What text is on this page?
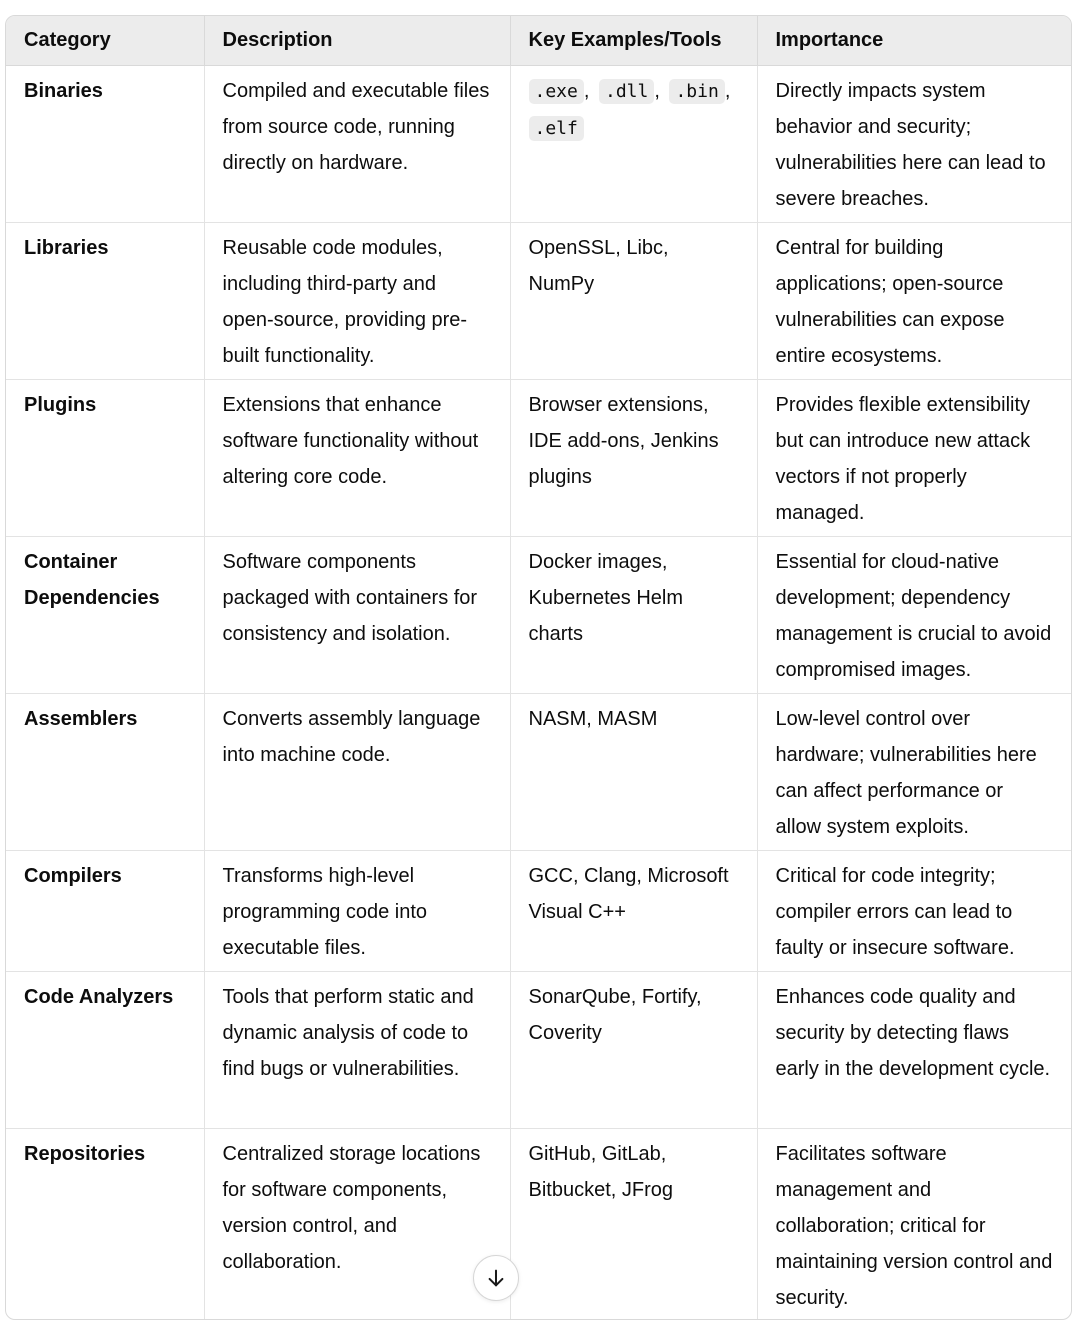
Category	Description	Key Examples/Tools	Importance
Binaries	Compiled and executable files from source code, running directly on hardware.	.exe , .dll , .bin , .elf	Directly impacts system behavior and security; vulnerabilities here can lead to severe breaches.
Libraries	Reusable code modules, including third-party and open-source, providing pre-built functionality.	OpenSSL, Libc, NumPy	Central for building applications; open-source vulnerabilities can expose entire ecosystems.
Plugins	Extensions that enhance software functionality without altering core code.	Browser extensions, IDE add-ons, Jenkins plugins	Provides flexible extensibility but can introduce new attack vectors if not properly managed.
Container Dependencies	Software components packaged with containers for consistency and isolation.	Docker images, Kubernetes Helm charts	Essential for cloud-native development; dependency management is crucial to avoid compromised images.
Assemblers	Converts assembly language into machine code.	NASM, MASM	Low-level control over hardware; vulnerabilities here can affect performance or allow system exploits.
Compilers	Transforms high-level programming code into executable files.	GCC, Clang, Microsoft Visual C++	Critical for code integrity; compiler errors can lead to faulty or insecure software.
Code Analyzers	Tools that perform static and dynamic analysis of code to find bugs or vulnerabilities.	SonarQube, Fortify, Coverity	Enhances code quality and security by detecting flaws early in the development cycle.
Repositories	Centralized storage locations for software components, version control, and collaboration.	GitHub, GitLab, Bitbucket, JFrog	Facilitates software management and collaboration; critical for maintaining version control and security.
